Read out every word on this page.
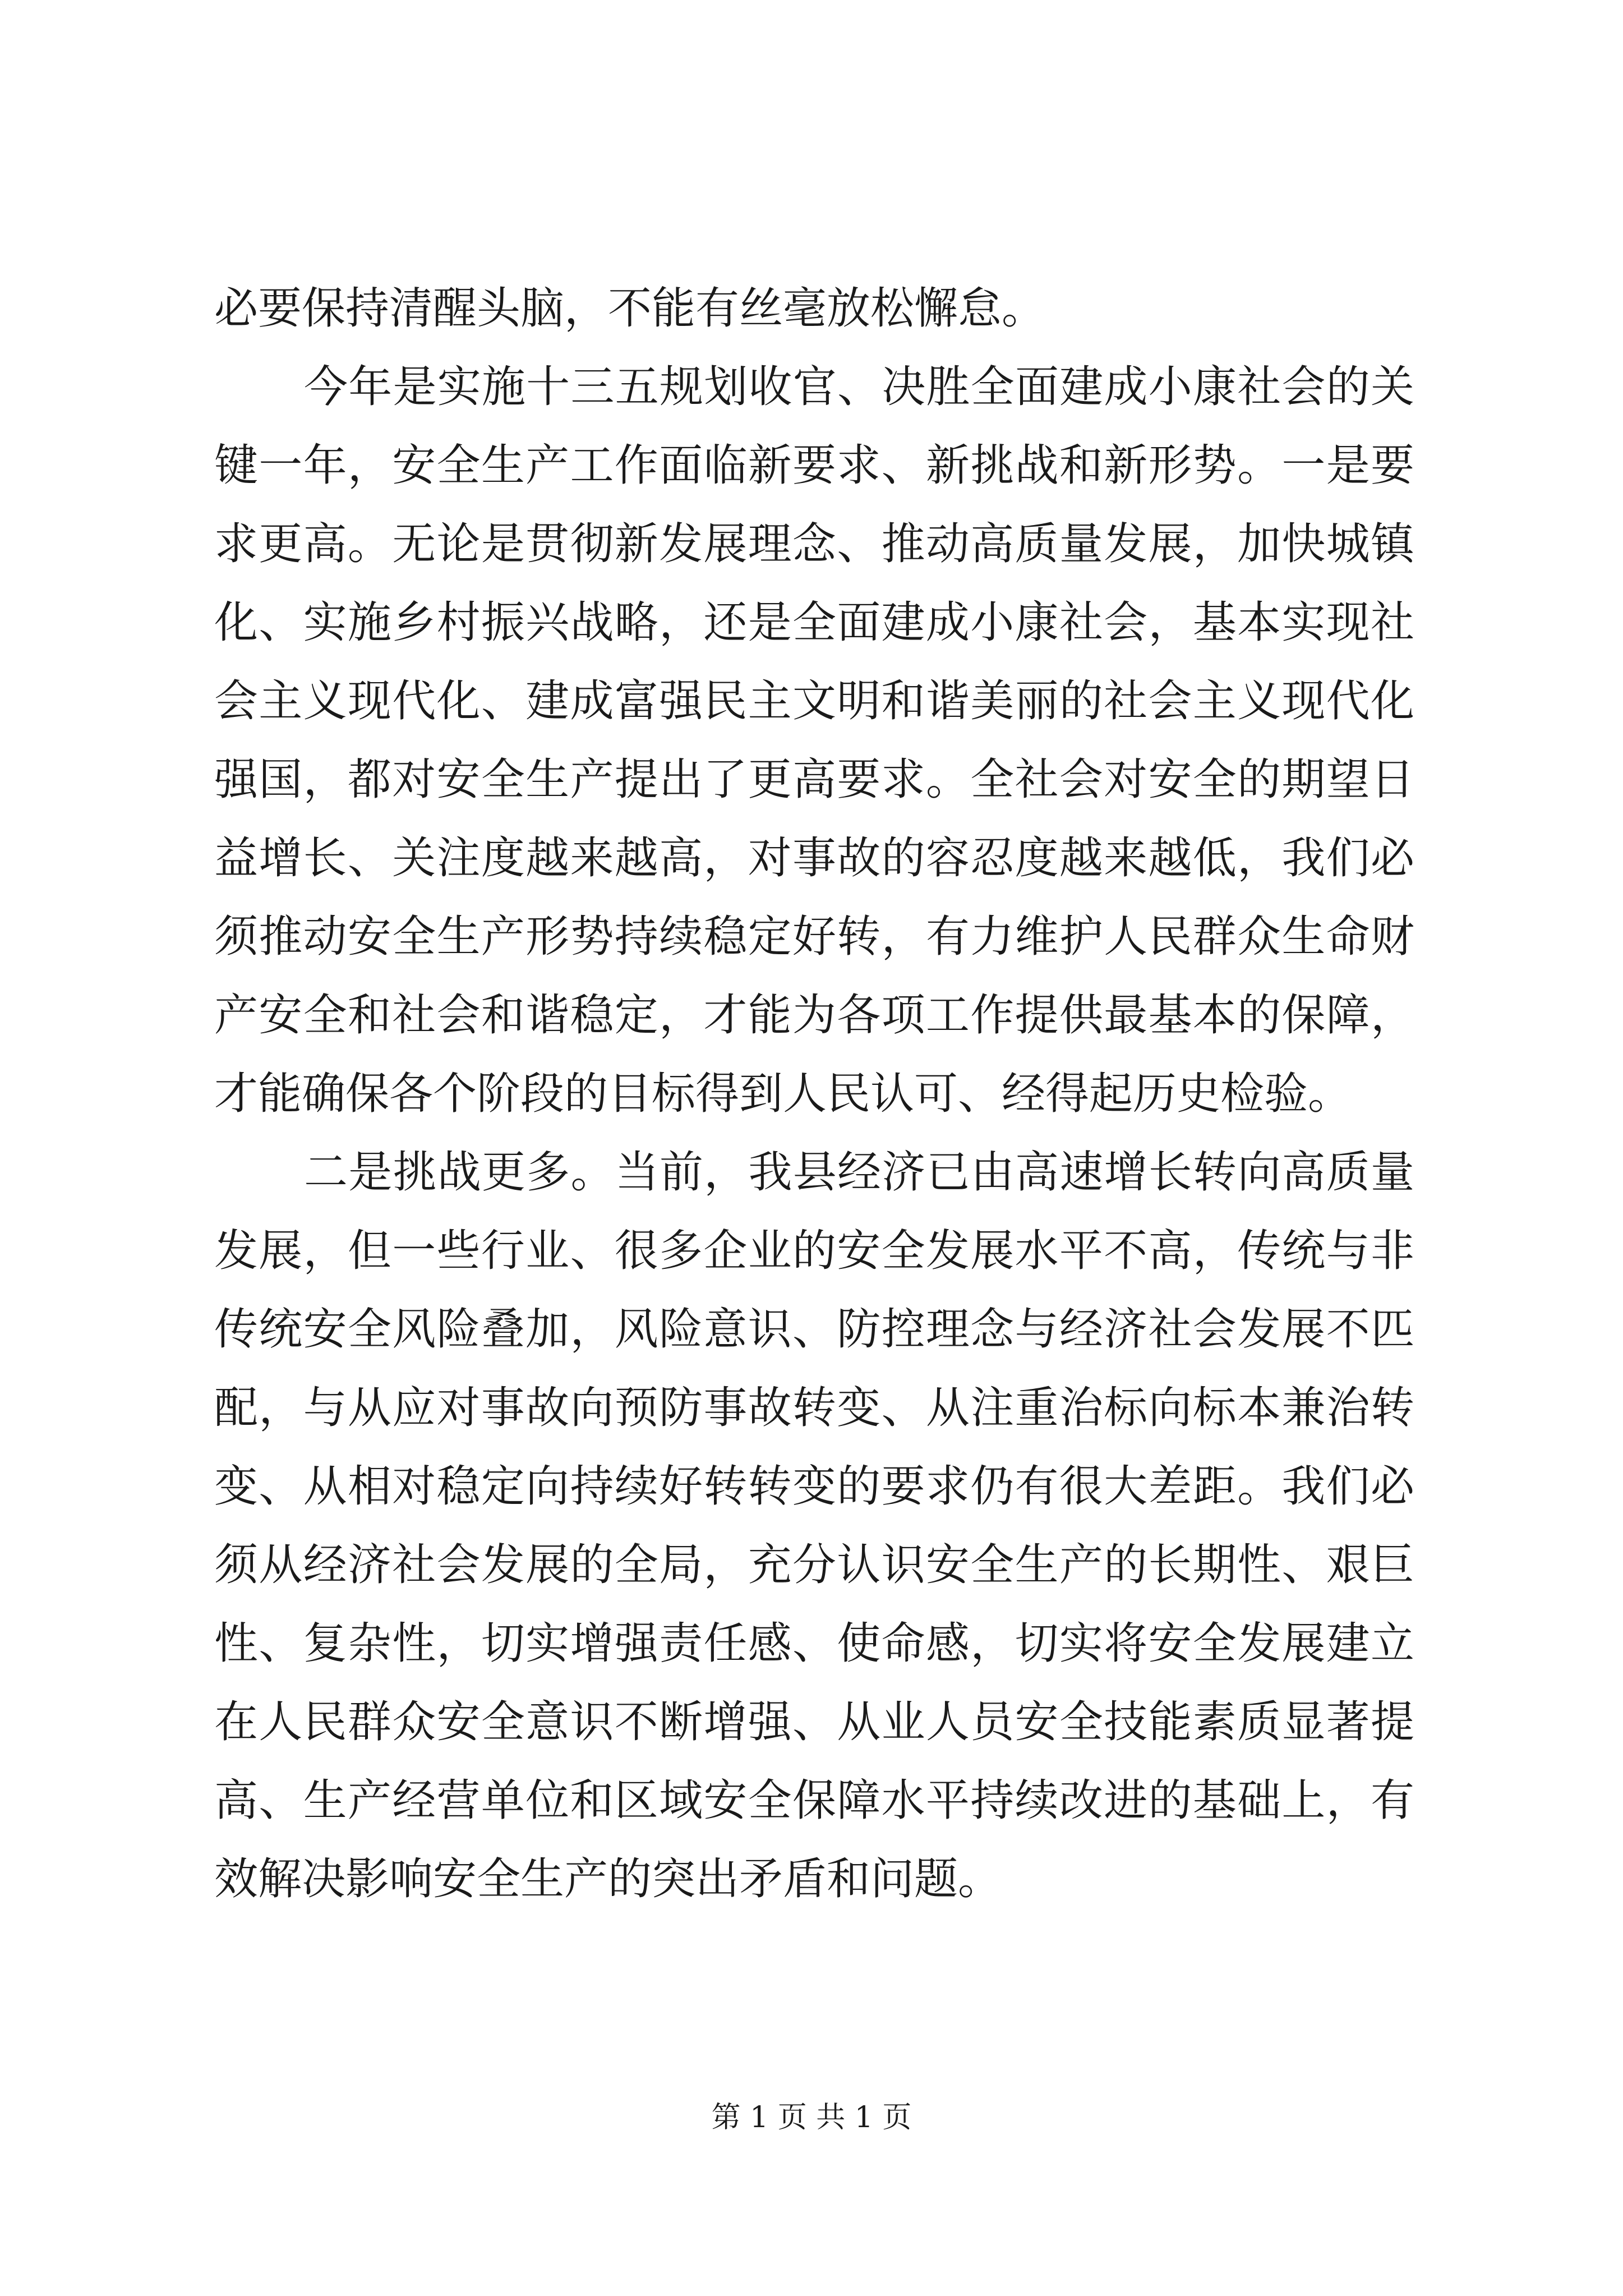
必要保持清醒头脑，不能有丝毫放松懈怠。

今年是实施十三五规划收官、决胜全面建成小康社会的关键一年，安全生产工作面临新要求、新挑战和新形势。一是要求更高。无论是贯彻新发展理念、推动高质量发展，加快城镇化、实施乡村振兴战略，还是全面建成小康社会，基本实现社会主义现代化、建成富强民主文明和谐美丽的社会主义现代化强国，都对安全生产提出了更高要求。全社会对安全的期望日益增长、关注度越来越高，对事故的容忍度越来越低，我们必须推动安全生产形势持续稳定好转，有力维护人民群众生命财产安全和社会和谐稳定，才能为各项工作提供最基本的保障，才能确保各个阶段的目标得到人民认可、经得起历史检验。

二是挑战更多。当前，我县经济已由高速增长转向高质量发展，但一些行业、很多企业的安全发展水平不高，传统与非传统安全风险叠加，风险意识、防控理念与经济社会发展不匹配，与从应对事故向预防事故转变、从注重治标向标本兼治转变、从相对稳定向持续好转转变的要求仍有很大差距。我们必须从经济社会发展的全局，充分认识安全生产的长期性、艰巨性、复杂性，切实增强责任感、使命感，切实将安全发展建立在人民群众安全意识不断增强、从业人员安全技能素质显著提高、生产经营单位和区域安全保障水平持续改进的基础上，有效解决影响安全生产的突出矛盾和问题。

第 1 页 共 1 页
